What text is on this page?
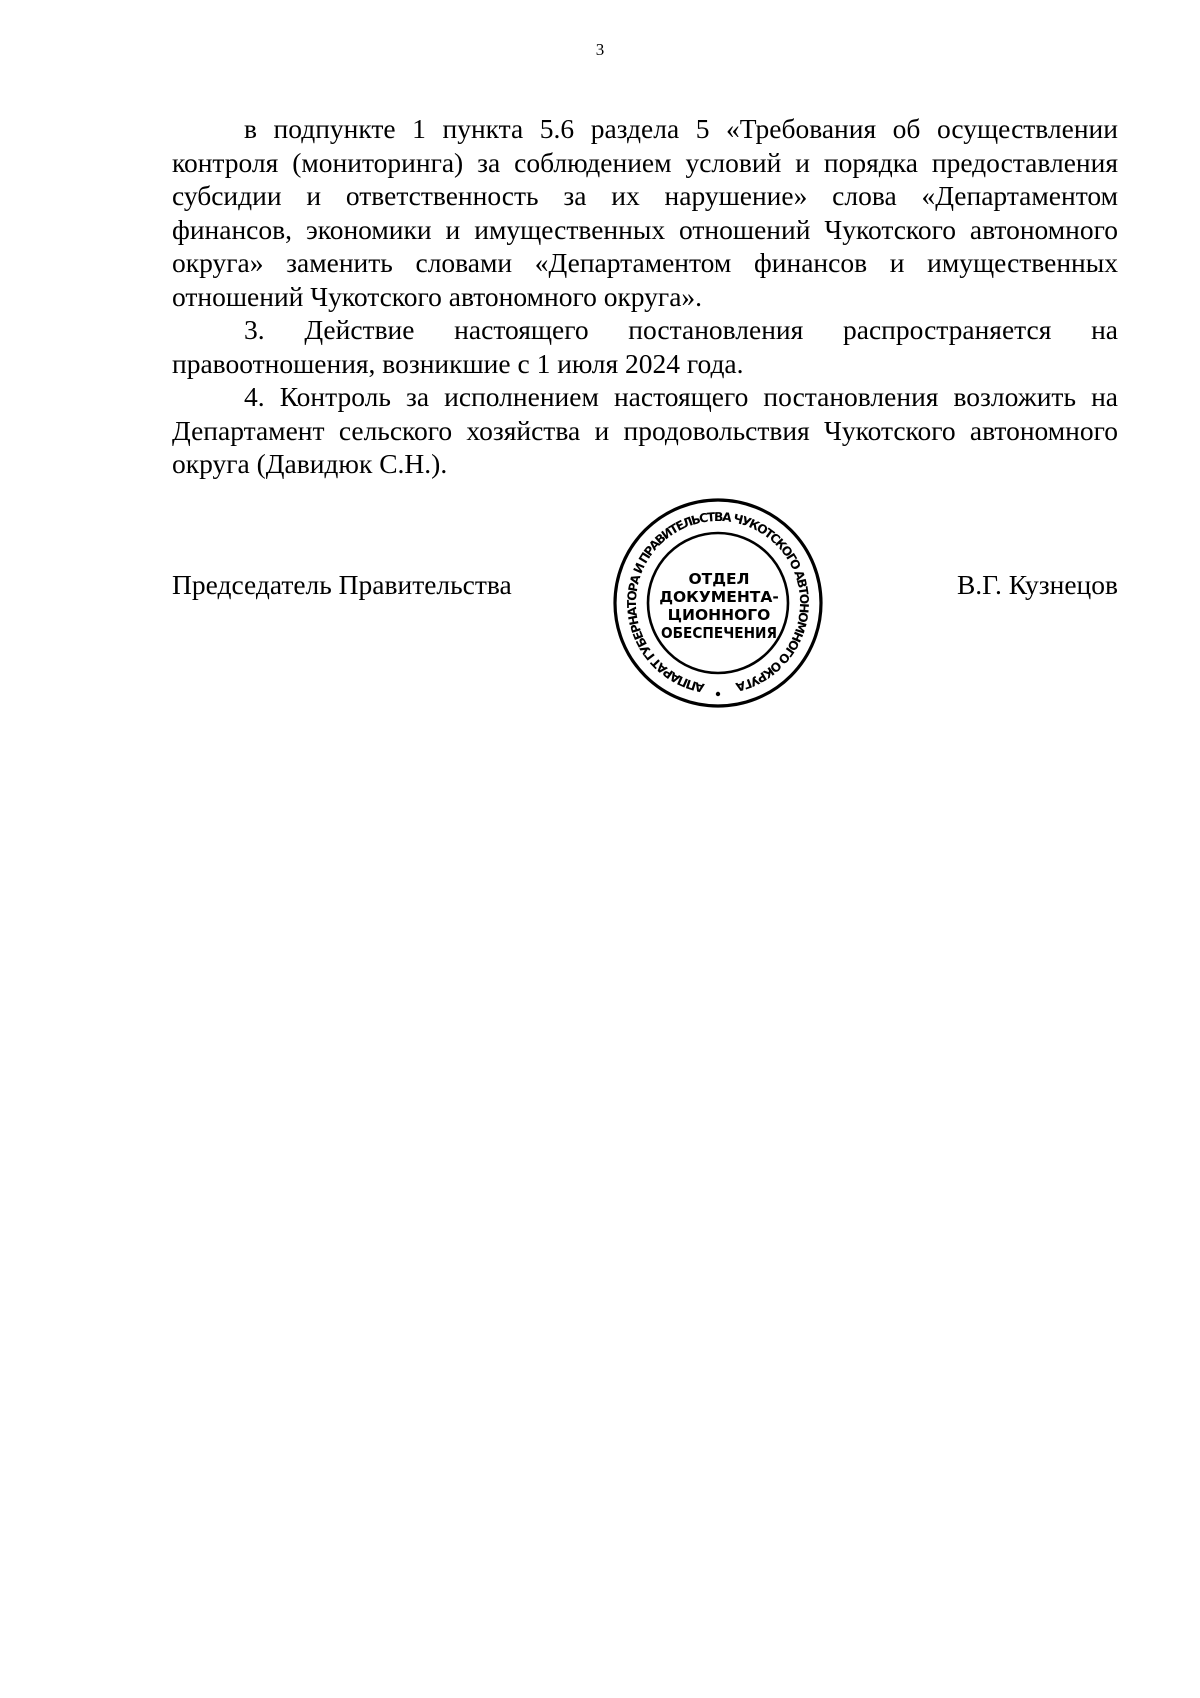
3

в подпункте 1 пункта 5.6 раздела 5 «Требования об осуществлении контроля (мониторинга) за соблюдением условий и порядка предоставления субсидии и ответственность за их нарушение» слова «Департаментом финансов, экономики и имущественных отношений Чукотского автономного округа» заменить словами «Департаментом финансов и имущественных отношений Чукотского автономного округа».

3. Действие настоящего постановления распространяется на правоотношения, возникшие с 1 июля 2024 года.

4. Контроль за исполнением настоящего постановления возложить на Департамент сельского хозяйства и продовольствия Чукотского автономного округа (Давидюк С.Н.).

Председатель Правительства	В.Г. Кузнецов
АППАРАТ ГУБЕРНАТОРА И ПРАВИТЕЛЬСТВА ЧУКОТСКОГО АВТОНОМНОГО ОКРУГА
ОТДЕЛ
ДОКУМЕНТА-
ЦИОННОГО
ОБЕСПЕЧЕНИЯ
